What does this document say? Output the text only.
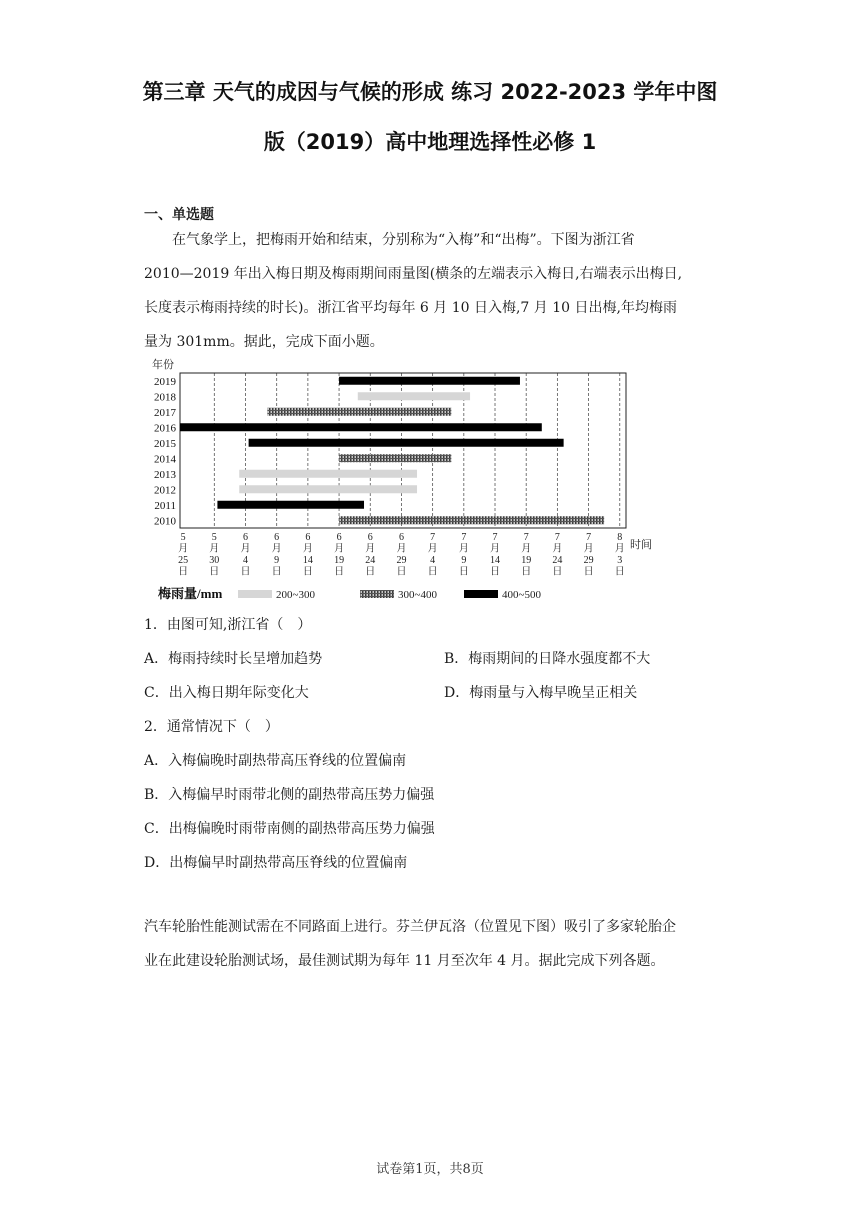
第三章 天气的成因与气候的形成 练习 2022-2023 学年中图
版（2019）高中地理选择性必修 1
一、单选题

　　在气象学上，把梅雨开始和结束，分别称为“入梅”和“出梅”。下图为浙江省

2010—2019 年出入梅日期及梅雨期间雨量图(横条的左端表示入梅日,右端表示出梅日,

长度表示梅雨持续的时长)。浙江省平均每年 6 月 10 日入梅,7 月 10 日出梅,年均梅雨

量为 301mm。据此，完成下面小题。

年份
2019
2018
2017
2016
2015
2014
2013
2012
2011
2010
5
月
25
日
5
月
30
日
6
月
4
日
6
月
9
日
6
月
14
日
6
月
19
日
6
月
24
日
6
月
29
日
7
月
4
日
7
月
9
日
7
月
14
日
7
月
19
日
7
月
24
日
7
月
29
日
8
月
3
日
时间
梅雨量/mm	200~300	300~400	400~500
1．由图可知,浙江省（　）
A．梅雨持续时长呈增加趋势	B．梅雨期间的日降水强度都不大
C．出入梅日期年际变化大	D．梅雨量与入梅早晚呈正相关
2．通常情况下（　）
A．入梅偏晚时副热带高压脊线的位置偏南
B．入梅偏早时雨带北侧的副热带高压势力偏强
C．出梅偏晚时雨带南侧的副热带高压势力偏强
D．出梅偏早时副热带高压脊线的位置偏南

汽车轮胎性能测试需在不同路面上进行。芬兰伊瓦洛（位置见下图）吸引了多家轮胎企

业在此建设轮胎测试场，最佳测试期为每年 11 月至次年 4 月。据此完成下列各题。

试卷第1页，共8页
